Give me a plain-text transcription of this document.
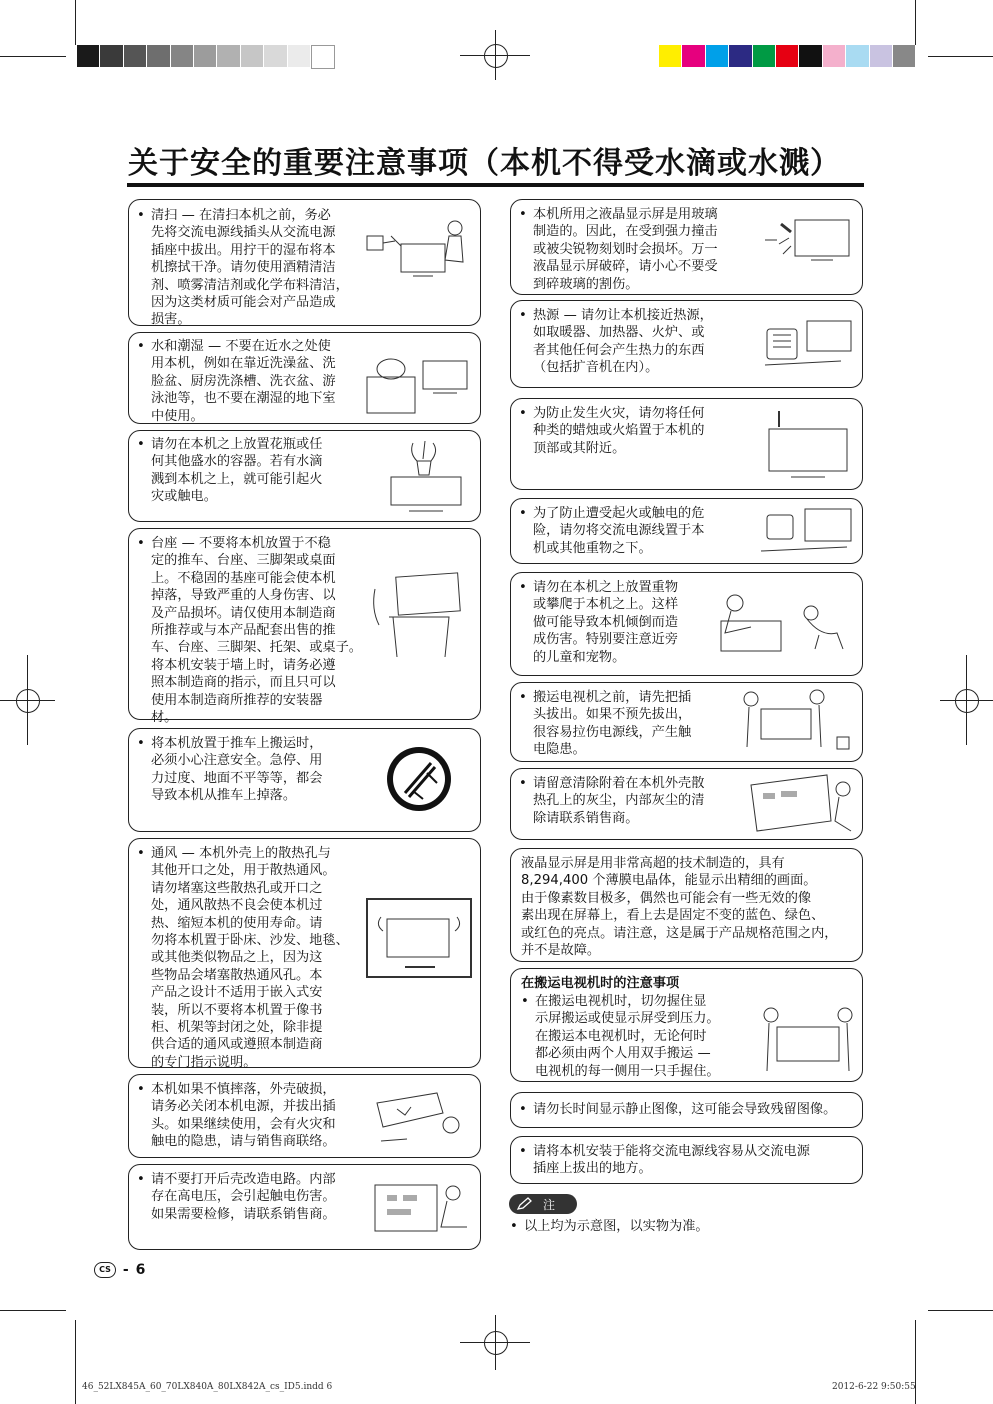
关于安全的重要注意事项（本机不得受水滴或水溅）
• 清扫 — 在清扫本机之前，务必
先将交流电源线插头从交流电源
插座中拔出。用拧干的湿布将本
机擦拭干净。请勿使用酒精清洁
剂、喷雾清洁剂或化学布料清洁，
因为这类材质可能会对产品造成
损害。
• 水和潮湿 — 不要在近水之处使
用本机，例如在靠近洗澡盆、洗
脸盆、厨房洗涤槽、洗衣盆、游
泳池等，也不要在潮湿的地下室
中使用。
• 请勿在本机之上放置花瓶或任
何其他盛水的容器。若有水滴
溅到本机之上，就可能引起火
灾或触电。
• 台座 — 不要将本机放置于不稳
定的推车、台座、三脚架或桌面
上。不稳固的基座可能会使本机
掉落，导致严重的人身伤害、以
及产品损坏。请仅使用本制造商
所推荐或与本产品配套出售的推
车、台座、三脚架、托架、或桌子。
将本机安装于墙上时，请务必遵
照本制造商的指示，而且只可以
使用本制造商所推荐的安装器
材。
• 将本机放置于推车上搬运时，
必须小心注意安全。急停、用
力过度、地面不平等等，都会
导致本机从推车上掉落。
• 通风 — 本机外壳上的散热孔与
其他开口之处，用于散热通风。
请勿堵塞这些散热孔或开口之
处，通风散热不良会使本机过
热、缩短本机的使用寿命。请
勿将本机置于卧床、沙发、地毯、
或其他类似物品之上，因为这
些物品会堵塞散热通风孔。本
产品之设计不适用于嵌入式安
装，所以不要将本机置于像书
柜、机架等封闭之处，除非提
供合适的通风或遵照本制造商
的专门指示说明。
• 本机如果不慎摔落，外壳破损，
请务必关闭本机电源，并拔出插
头。如果继续使用，会有火灾和
触电的隐患，请与销售商联络。
• 请不要打开后壳改造电路。内部
存在高电压，会引起触电伤害。
如果需要检修，请联系销售商。
• 本机所用之液晶显示屏是用玻璃
制造的。因此，在受到强力撞击
或被尖锐物刻划时会损坏。万一
液晶显示屏破碎，请小心不要受
到碎玻璃的割伤。
• 热源 — 请勿让本机接近热源，
如取暖器、加热器、火炉、或
者其他任何会产生热力的东西
（包括扩音机在内）。
• 为防止发生火灾，请勿将任何
种类的蜡烛或火焰置于本机的
顶部或其附近。
• 为了防止遭受起火或触电的危
险，请勿将交流电源线置于本
机或其他重物之下。
• 请勿在本机之上放置重物
或攀爬于本机之上。这样
做可能导致本机倾倒而造
成伤害。特别要注意近旁
的儿童和宠物。
• 搬运电视机之前，请先把插
头拔出。如果不预先拔出，
很容易拉伤电源线，产生触
电隐患。
• 请留意清除附着在本机外壳散
热孔上的灰尘，内部灰尘的清
除请联系销售商。
液晶显示屏是用非常高超的技术制造的，具有
8,294,400 个薄膜电晶体，能显示出精细的画面。
由于像素数目极多，偶然也可能会有一些无效的像
素出现在屏幕上，看上去是固定不变的蓝色、绿色、
或红色的亮点。请注意，这是属于产品规格范围之内，
并不是故障。
在搬运电视机时的注意事项
• 在搬运电视机时，切勿握住显
示屏搬运或使显示屏受到压力。
在搬运本电视机时，无论何时
都必须由两个人用双手搬运 —
电视机的每一侧用一只手握住。
• 请勿长时间显示静止图像，这可能会导致残留图像。
• 请将本机安装于能将交流电源线容易从交流电源
插座上拔出的地方。
注
• 以上均为示意图，以实物为准。
CS - 6
46_52LX845A_60_70LX840A_80LX842A_cs_ID5.indd 6	2012-6-22 9:50:55
